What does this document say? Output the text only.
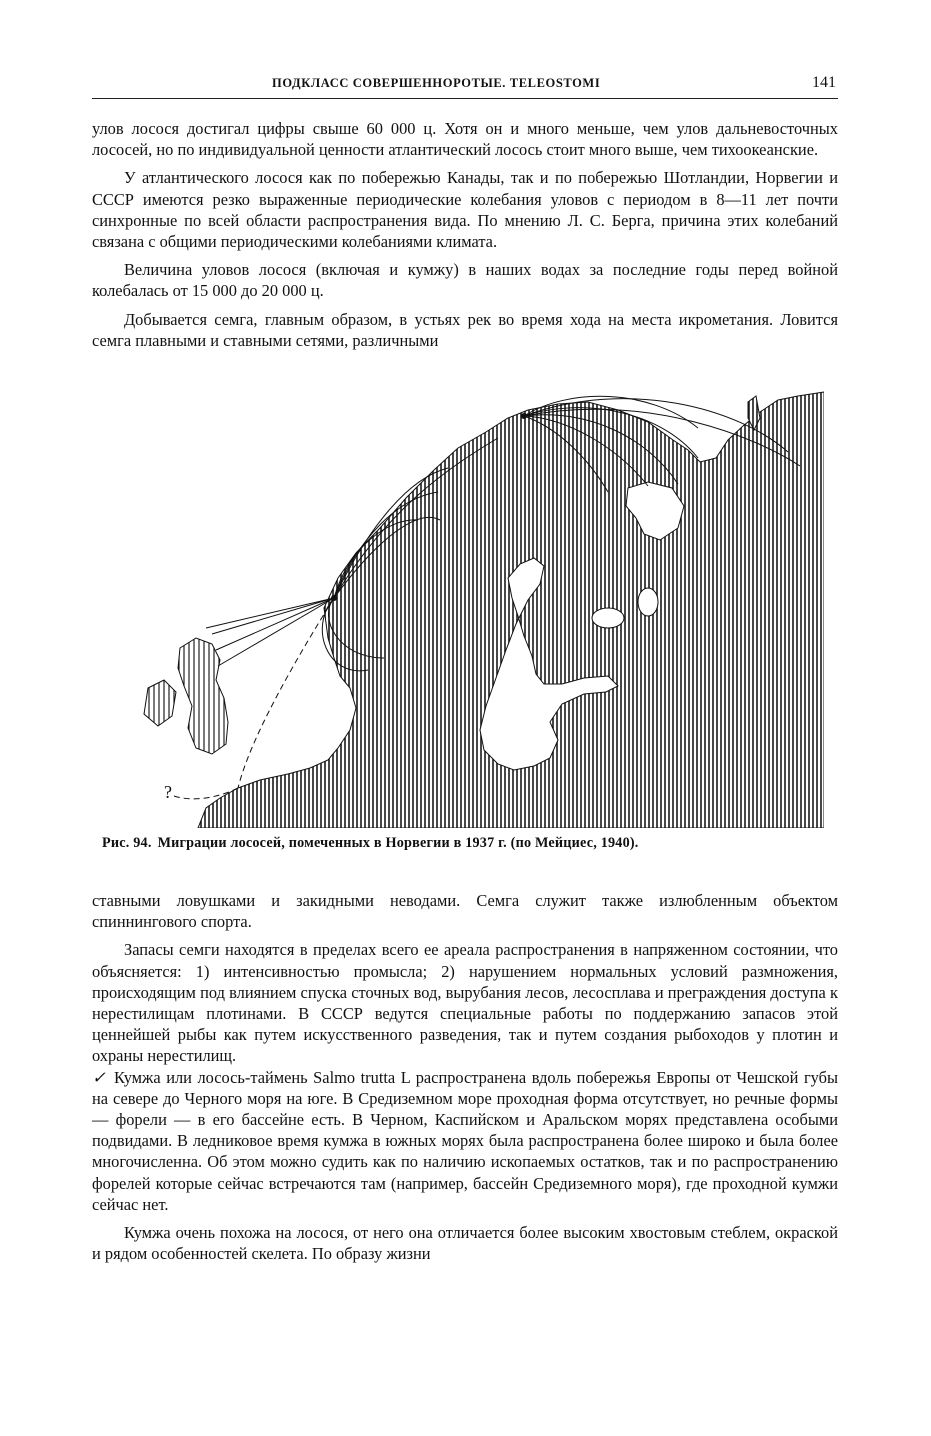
ПОДКЛАСС СОВЕРШЕННОРОТЫЕ. TELEOSTOMI	141

улов лосося достигал цифры свыше 60 000 ц. Хотя он и много меньше, чем улов дальневосточных лососей, но по индивидуальной ценности атлантический лосось стоит много выше, чем тихоокеанские.

У атлантического лосося как по побережью Канады, так и по побережью Шотландии, Норвегии и СССР имеются резко выраженные периодические колебания уловов с периодом в 8—11 лет почти синхронные по всей области распространения вида. По мнению Л. С. Берга, причина этих колебаний связана с общими периодическими колебаниями климата.

Величина уловов лосося (включая и кумжу) в наших водах за последние годы перед войной колебалась от 15 000 до 20 000 ц.

Добывается семга, главным образом, в устьях рек во время хода на места икрометания. Ловится семга плавными и ставными сетями, различными

ставными ловушками и закидными неводами. Семга служит также излюбленным объектом спиннингового спорта.

Запасы семги находятся в пределах всего ее ареала распространения в напряженном состоянии, что объясняется: 1) интенсивностью промысла; 2) нарушением нормальных условий размножения, происходящим под влиянием спуска сточных вод, вырубания лесов, лесосплава и преграждения доступа к нерестилищам плотинами. В СССР ведутся специальные работы по поддержанию запасов этой ценнейшей рыбы как путем искусственного разведения, так и путем создания рыбоходов у плотин и охраны нерестилищ.

✓ Кумжа или лосось-таймень Salmo trutta L распространена вдоль побережья Европы от Чешской губы на севере до Черного моря на юге. В Средиземном море проходная форма отсутствует, но речные формы — форели — в его бассейне есть. В Черном, Каспийском и Аральском морях представлена особыми подвидами. В ледниковое время кумжа в южных морях была распространена более широко и была более многочисленна. Об этом можно судить как по наличию ископаемых остатков, так и по распространению форелей которые сейчас встречаются там (например, бассейн Средиземного моря), где проходной кумжи сейчас нет.

Кумжа очень похожа на лосося, от него она отличается более высоким хвостовым стеблем, окраской и рядом особенностей скелета. По образу жизни

?
Рис. 94. Миграции лососей, помеченных в Норвегии в 1937 г. (по Мейциес, 1940).
